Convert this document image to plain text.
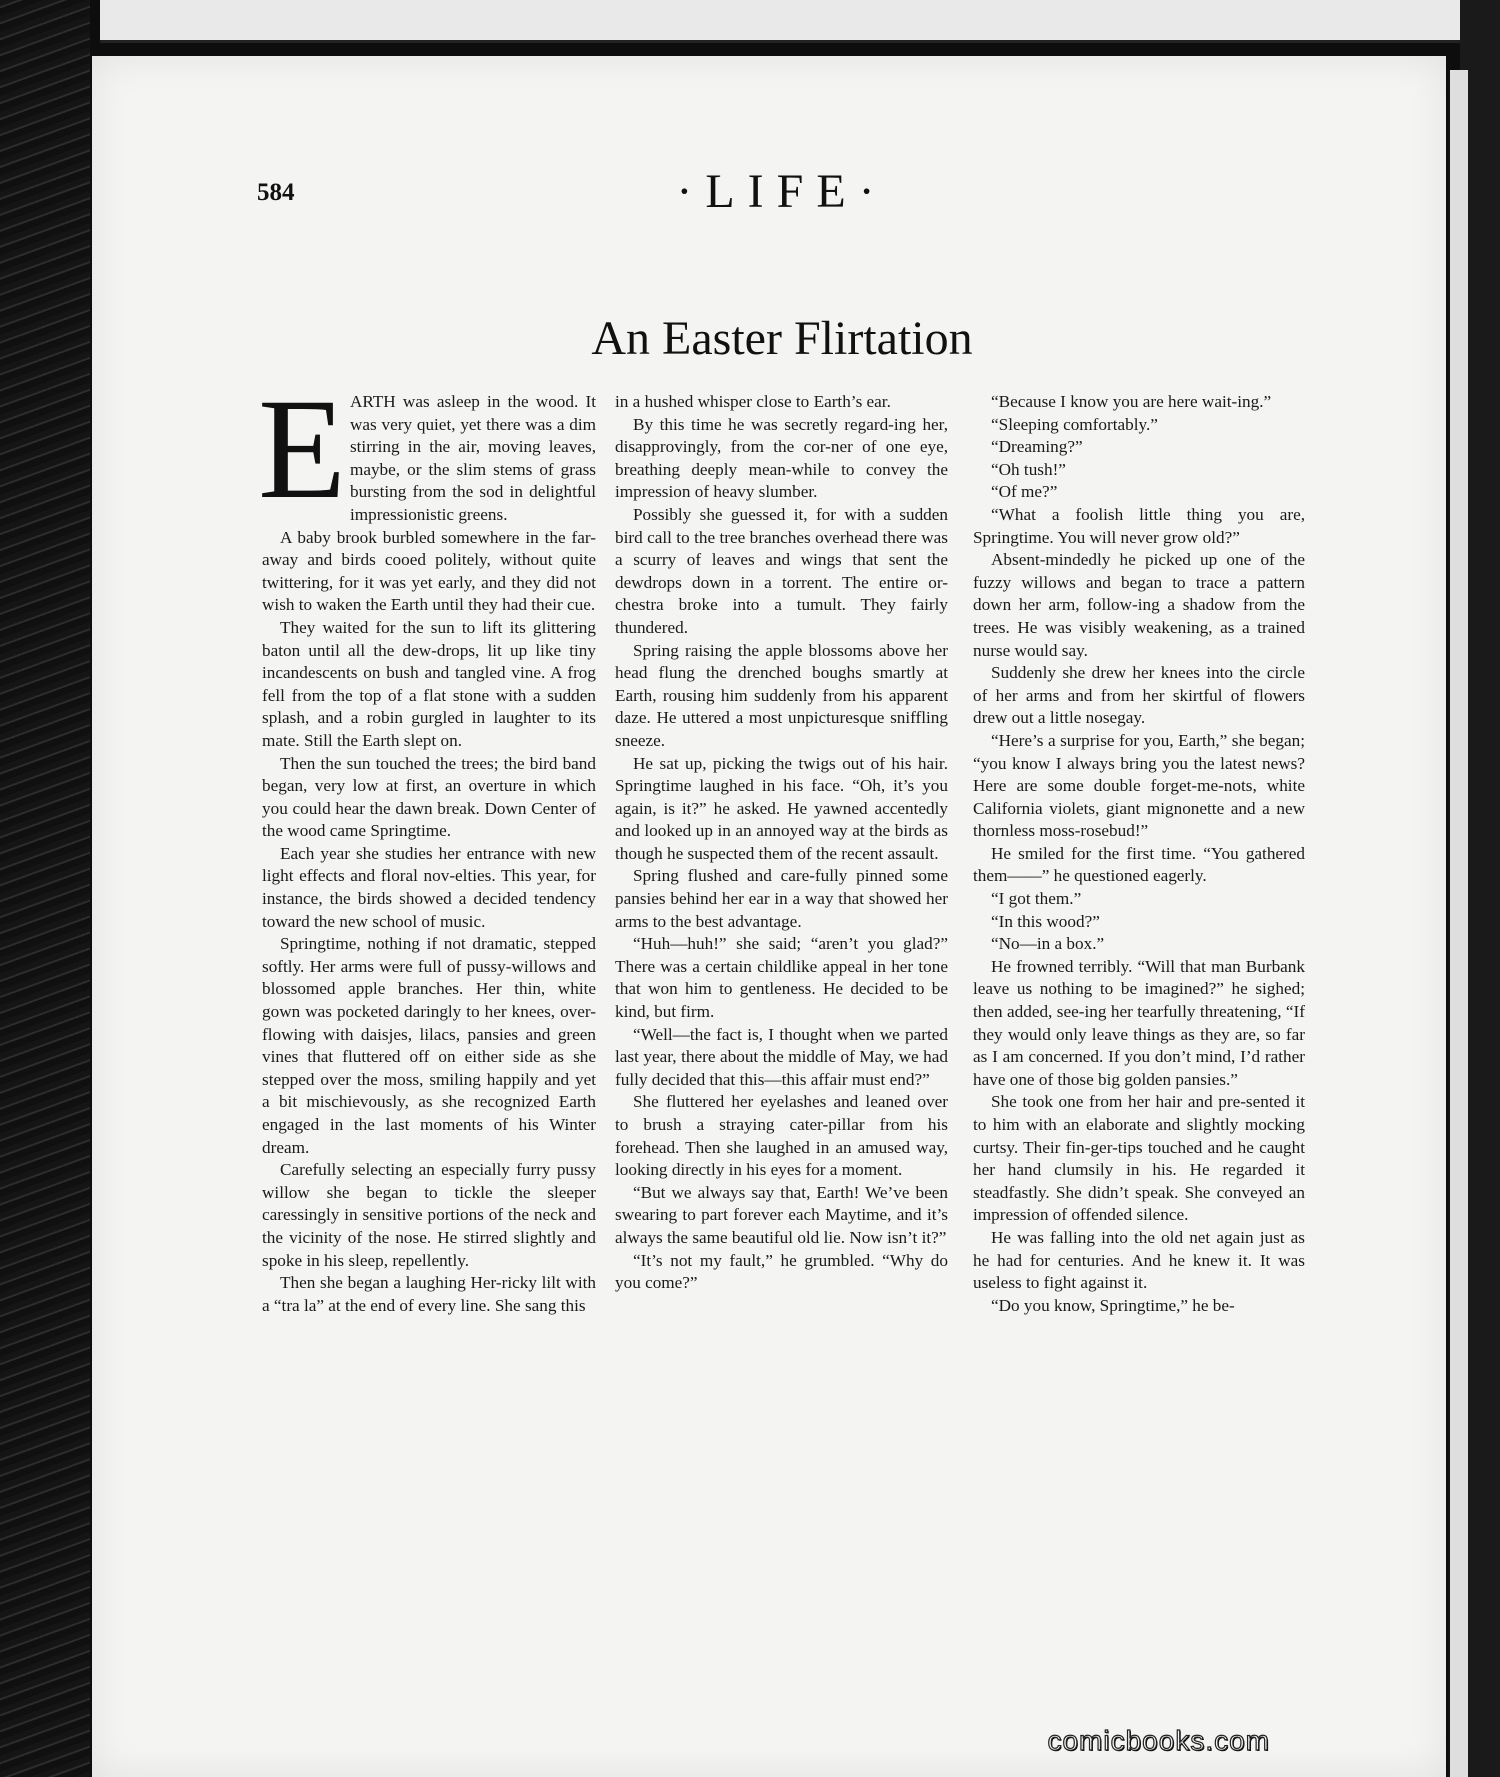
584	·LIFE·
An Easter Flirtation
E ARTH was asleep in the wood. It was very quiet, yet there was a dim stirring in the air, moving leaves, maybe, or the slim stems of grass bursting from the sod in delightful impressionistic greens.

A baby brook burbled somewhere in the far-away and birds cooed politely, without quite twittering, for it was yet early, and they did not wish to waken the Earth until they had their cue.

They waited for the sun to lift its glittering baton until all the dew-drops, lit up like tiny incandescents on bush and tangled vine. A frog fell from the top of a flat stone with a sudden splash, and a robin gurgled in laughter to its mate. Still the Earth slept on.

Then the sun touched the trees; the bird band began, very low at first, an overture in which you could hear the dawn break. Down Center of the wood came Springtime.

Each year she studies her entrance with new light effects and floral nov-elties. This year, for instance, the birds showed a decided tendency toward the new school of music.

Springtime, nothing if not dramatic, stepped softly. Her arms were full of pussy-willows and blossomed apple branches. Her thin, white gown was pocketed daringly to her knees, over-flowing with daisjes, lilacs, pansies and green vines that fluttered off on either side as she stepped over the moss, smiling happily and yet a bit mischievously, as she recognized Earth engaged in the last moments of his Winter dream.

Carefully selecting an especially furry pussy willow she began to tickle the sleeper caressingly in sensitive portions of the neck and the vicinity of the nose. He stirred slightly and spoke in his sleep, repellently.

Then she began a laughing Her-ricky lilt with a “tra la” at the end of every line. She sang this

in a hushed whisper close to Earth’s ear.

By this time he was secretly regard-ing her, disapprovingly, from the cor-ner of one eye, breathing deeply mean-while to convey the impression of heavy slumber.

Possibly she guessed it, for with a sudden bird call to the tree branches overhead there was a scurry of leaves and wings that sent the dewdrops down in a torrent. The entire or-chestra broke into a tumult. They fairly thundered.

Spring raising the apple blossoms above her head flung the drenched boughs smartly at Earth, rousing him suddenly from his apparent daze. He uttered a most unpicturesque sniffling sneeze.

He sat up, picking the twigs out of his hair. Springtime laughed in his face. “Oh, it’s you again, is it?” he asked. He yawned accentedly and looked up in an annoyed way at the birds as though he suspected them of the recent assault.

Spring flushed and care-fully pinned some pansies behind her ear in a way that showed her arms to the best advantage.

“Huh—huh!” she said; “aren’t you glad?” There was a certain childlike appeal in her tone that won him to gentleness. He decided to be kind, but firm.

“Well—the fact is, I thought when we parted last year, there about the middle of May, we had fully decided that this—this affair must end?”

She fluttered her eyelashes and leaned over to brush a straying cater-pillar from his forehead. Then she laughed in an amused way, looking directly in his eyes for a moment.

“But we always say that, Earth! We’ve been swearing to part forever each Maytime, and it’s always the same beautiful old lie. Now isn’t it?”

“It’s not my fault,” he grumbled. “Why do you come?”

“Because I know you are here wait-ing.”

“Sleeping comfortably.”

“Dreaming?”

“Oh tush!”

“Of me?”

“What a foolish little thing you are, Springtime. You will never grow old?”

Absent-mindedly he picked up one of the fuzzy willows and began to trace a pattern down her arm, follow-ing a shadow from the trees. He was visibly weakening, as a trained nurse would say.

Suddenly she drew her knees into the circle of her arms and from her skirtful of flowers drew out a little nosegay.

“Here’s a surprise for you, Earth,” she began; “you know I always bring you the latest news? Here are some double forget-me-nots, white California violets, giant mignonette and a new thornless moss-rosebud!”

He smiled for the first time. “You gathered them——” he questioned eagerly.

“I got them.”

“In this wood?”

“No—in a box.”

He frowned terribly. “Will that man Burbank leave us nothing to be imagined?” he sighed; then added, see-ing her tearfully threatening, “If they would only leave things as they are, so far as I am concerned. If you don’t mind, I’d rather have one of those big golden pansies.”

She took one from her hair and pre-sented it to him with an elaborate and slightly mocking curtsy. Their fin-ger-tips touched and he caught her hand clumsily in his. He regarded it steadfastly. She didn’t speak. She conveyed an impression of offended silence.

He was falling into the old net again just as he had for centuries. And he knew it. It was useless to fight against it.

“Do you know, Springtime,” he be-

comicbooks.com
